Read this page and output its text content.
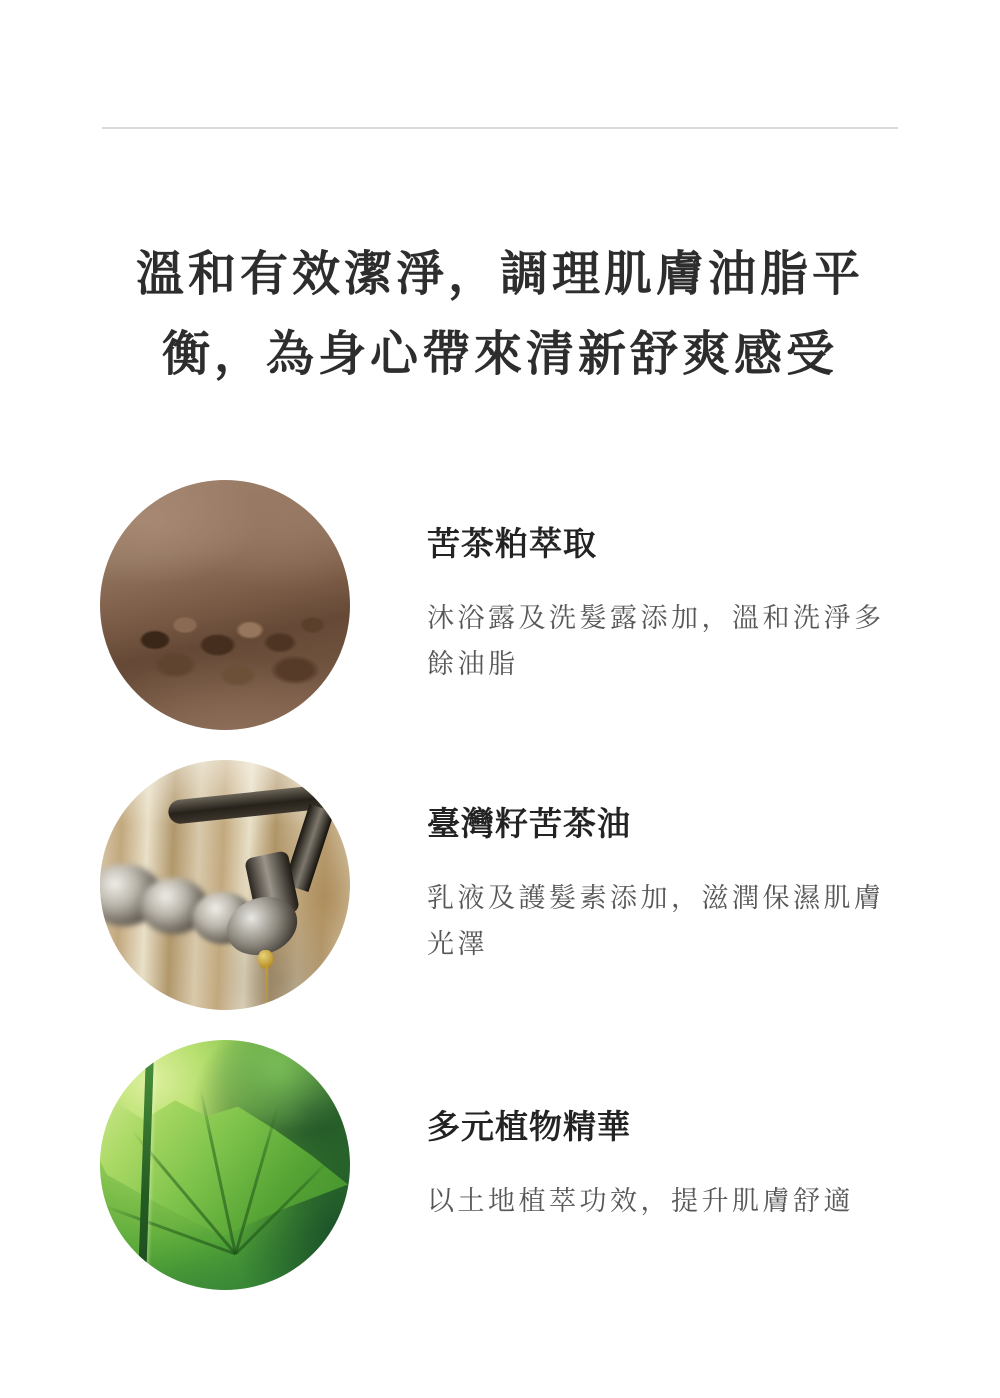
溫和有效潔淨，調理肌膚油脂平
衡，為身心帶來清新舒爽感受
苦茶粕萃取

沐浴露及洗髮露添加，溫和洗淨多餘油脂

臺灣籽苦茶油

乳液及護髮素添加，滋潤保濕肌膚光澤

多元植物精華

以土地植萃功效，提升肌膚舒適
